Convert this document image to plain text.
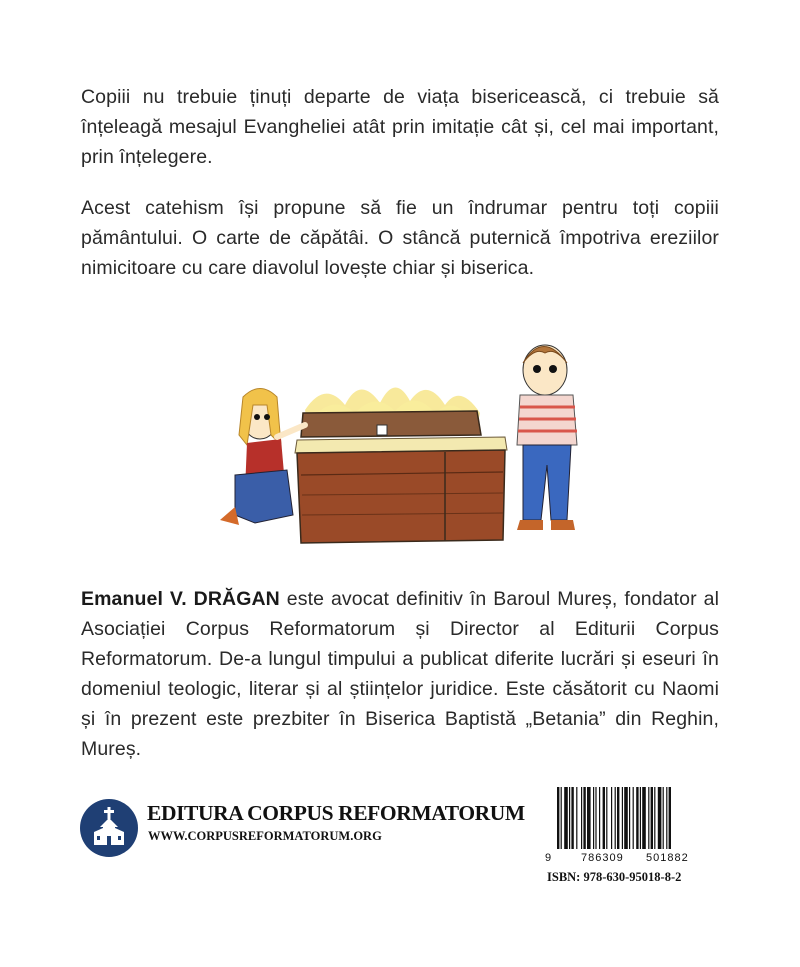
Copiii nu trebuie ținuți departe de viața bisericească, ci trebuie să înțeleagă mesajul Evangheliei atât prin imitație cât și, cel mai important, prin înțelegere.

Acest catehism își propune să fie un îndrumar pentru toți copiii pământului. O carte de căpătâi. O stâncă puternică împotriva ereziilor nimicitoare cu care diavolul lovește chiar și biserica.

Emanuel V. DRĂGAN este avocat definitiv în Baroul Mureș, fondator al Asociației Corpus Reformatorum și Director al Editurii Corpus Reformatorum. De-a lungul timpului a publicat diferite lucrări și eseuri în domeniul teologic, literar și al științelor juridice. Este căsătorit cu Naomi și în prezent este prezbiter în Biserica Baptistă „Betania” din Reghin, Mureș.

EDITURA CORPUS REFORMATORUM
WWW.CORPUSREFORMATORUM.ORG
9	786309 501882
ISBN: 978-630-95018-8-2
